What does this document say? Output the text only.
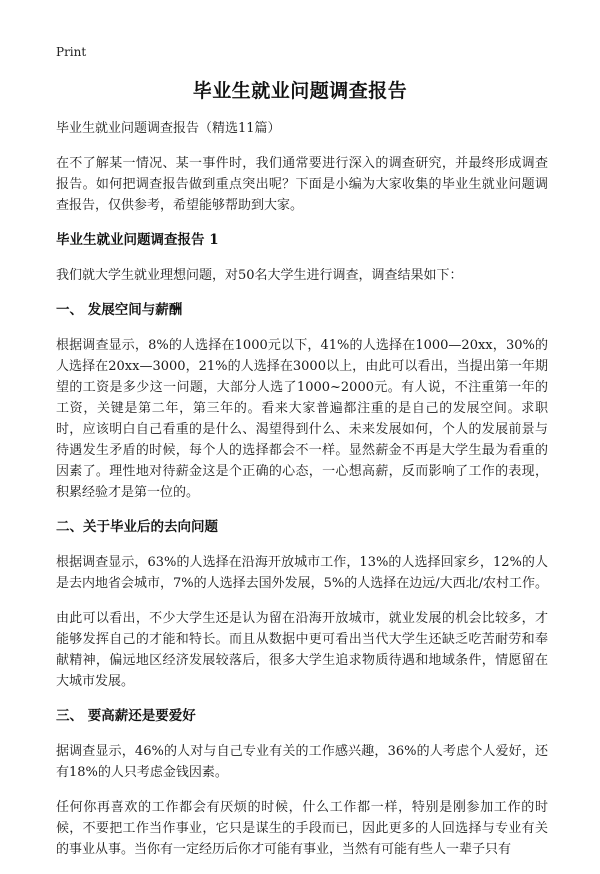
Print
毕业生就业问题调查报告

毕业生就业问题调查报告（精选11篇）

在不了解某一情况、某一事件时，我们通常要进行深入的调查研究，并最终形成调查报告。如何把调查报告做到重点突出呢？下面是小编为大家收集的毕业生就业问题调查报告，仅供参考，希望能够帮助到大家。

毕业生就业问题调查报告 1

我们就大学生就业理想问题，对50名大学生进行调查，调查结果如下：

一、 发展空间与薪酬

根据调查显示，8%的人选择在1000元以下，41%的人选择在1000—20xx，30%的人选择在20xx—3000，21%的人选择在3000以上，由此可以看出，当提出第一年期望的工资是多少这一问题，大部分人选了1000~2000元。有人说，不注重第一年的工资，关键是第二年，第三年的。看来大家普遍都注重的是自己的发展空间。求职时，应该明白自己看重的是什么、渴望得到什么、未来发展如何，个人的发展前景与待遇发生矛盾的时候，每个人的选择都会不一样。显然薪金不再是大学生最为看重的因素了。理性地对待薪金这是个正确的心态，一心想高薪，反而影响了工作的表现，积累经验才是第一位的。

二、关于毕业后的去向问题

根据调查显示，63%的人选择在沿海开放城市工作，13%的人选择回家乡，12%的人是去内地省会城市，7%的人选择去国外发展，5%的人选择在边远/大西北/农村工作。

由此可以看出，不少大学生还是认为留在沿海开放城市，就业发展的机会比较多，才能够发挥自己的才能和特长。而且从数据中更可看出当代大学生还缺乏吃苦耐劳和奉献精神，偏远地区经济发展较落后，很多大学生追求物质待遇和地域条件，情愿留在大城市发展。

三、 要高薪还是要爱好

据调查显示，46%的人对与自己专业有关的工作感兴趣，36%的人考虑个人爱好，还有18%的人只考虑金钱因素。

任何你再喜欢的工作都会有厌烦的时候，什么工作都一样，特别是刚参加工作的时候，不要把工作当作事业，它只是谋生的手段而已，因此更多的人回选择与专业有关的事业从事。当你有一定经历后你才可能有事业，当然有可能有些人一辈子只有
